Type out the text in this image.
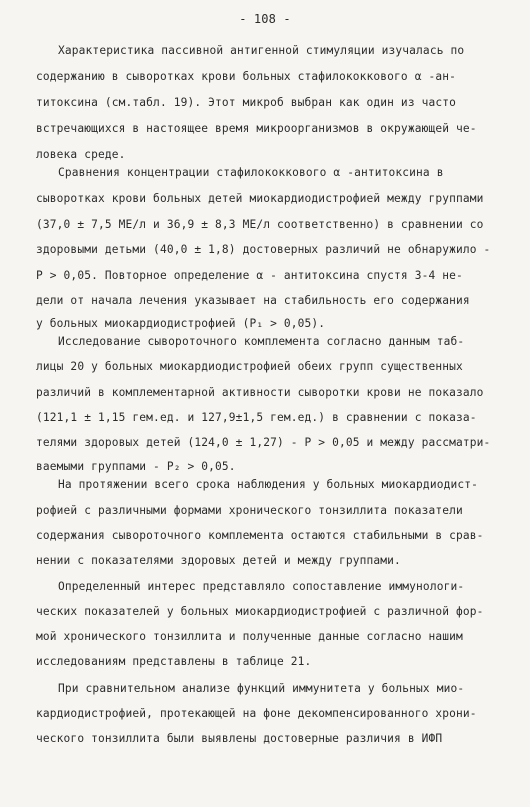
- 108 -
Характеристика пассивной антигенной стимуляции изучалась по
содержанию в сыворотках крови больных стафилококкового α -ан-
титоксина (см.табл. 19). Этот микроб выбран как один из часто
встречающихся в настоящее время микроорганизмов в окружающей че-
ловека среде.
Сравнения концентрации стафилококкового α -антитоксина в
сыворотках крови больных детей миокардиодистрофией между группами
(37,0 ± 7,5 МЕ/л и 36,9 ± 8,3 МЕ/л соответственно) в сравнении со
здоровыми детьми (40,0 ± 1,8) достоверных различий не обнаружило -
P > 0,05. Повторное определение α - антитоксина спустя 3-4 не-
дели от начала лечения указывает на стабильность его содержания
у больных миокардиодистрофией (P₁ > 0,05).
Исследование сывороточного комплемента согласно данным таб-
лицы 20 у больных миокардиодистрофией обеих групп существенных
различий в комплементарной активности сыворотки крови не показало
(121,1 ± 1,15 гем.ед. и 127,9±1,5 гем.ед.) в сравнении с показа-
телями здоровых детей (124,0 ± 1,27) - P > 0,05 и между рассматри-
ваемыми группами - P₂ > 0,05.
На протяжении всего срока наблюдения у больных миокардиодист-
рофией с различными формами хронического тонзиллита показатели
содержания сывороточного комплемента остаются стабильными в срав-
нении с показателями здоровых детей и между группами.
Определенный интерес представляло сопоставление иммунологи-
ческих показателей у больных миокардиодистрофией с различной фор-
мой хронического тонзиллита и полученные данные согласно нашим
исследованиям представлены в таблице 21.
При сравнительном анализе функций иммунитета у больных мио-
кардиодистрофией, протекающей на фоне декомпенсированного хрони-
ческого тонзиллита были выявлены достоверные различия в ИФП
